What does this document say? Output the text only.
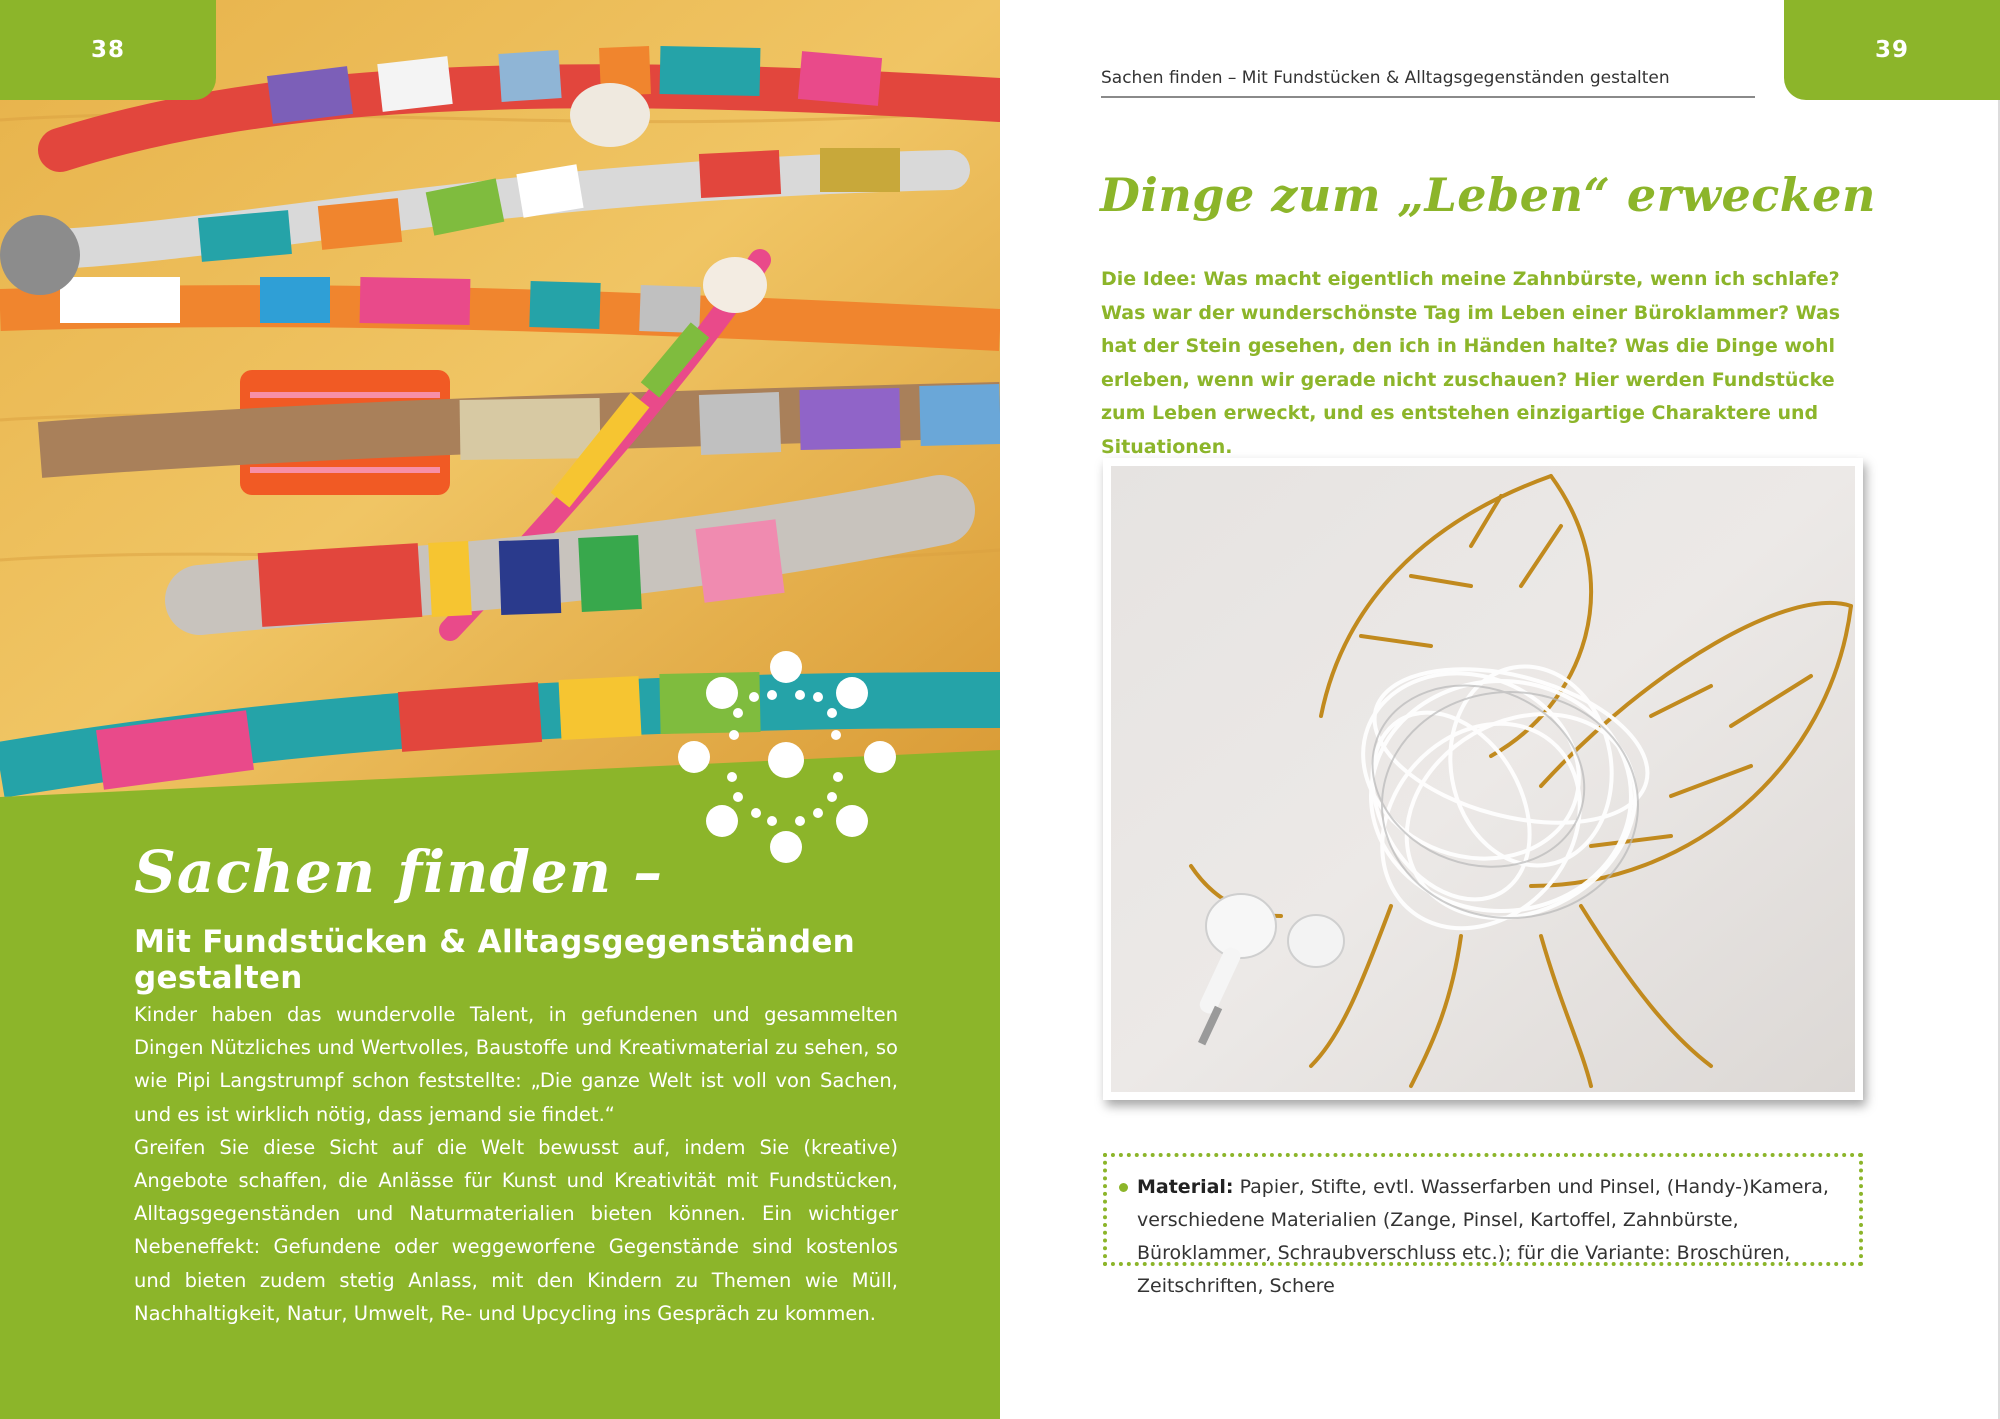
38
Sachen finden –
Mit Fundstücken & Alltagsgegenständen gestalten

Kinder haben das wundervolle Talent, in gefundenen und gesammelten Dingen Nützliches und Wertvolles, Baustoffe und Kreativmaterial zu sehen, so wie Pipi Langstrumpf schon feststellte: „Die ganze Welt ist voll von Sachen, und es ist wirklich nötig, dass jemand sie findet.“

Greifen Sie diese Sicht auf die Welt bewusst auf, indem Sie (kreative) Angebote schaffen, die Anlässe für Kunst und Kreativität mit Fundstücken, Alltagsgegenständen und Naturmaterialien bieten können. Ein wichtiger Nebeneffekt: Gefundene oder weggeworfene Gegenstände sind kostenlos und bieten zudem stetig Anlass, mit den Kindern zu Themen wie Müll, Nachhaltigkeit, Natur, Umwelt, Re- und Upcycling ins Gespräch zu kommen.

Sachen finden – Mit Fundstücken & Alltagsgegenständen gestalten
39
Dinge zum „Leben“ erwecken

Die Idee: Was macht eigentlich meine Zahnbürste, wenn ich schlafe? Was war der wunderschönste Tag im Leben einer Büroklammer? Was hat der Stein gesehen, den ich in Händen halte? Was die Dinge wohl erleben, wenn wir gerade nicht zuschauen? Hier werden Fundstücke zum Leben erweckt, und es entstehen einzigartige Charaktere und Situationen.

Material: Papier, Stifte, evtl. Wasserfarben und Pinsel, (Handy-)Kamera, verschiedene Materialien (Zange, Pinsel, Kartoffel, Zahnbürste, Büroklammer, Schraubverschluss etc.); für die Variante: Broschüren, Zeitschriften, Schere
